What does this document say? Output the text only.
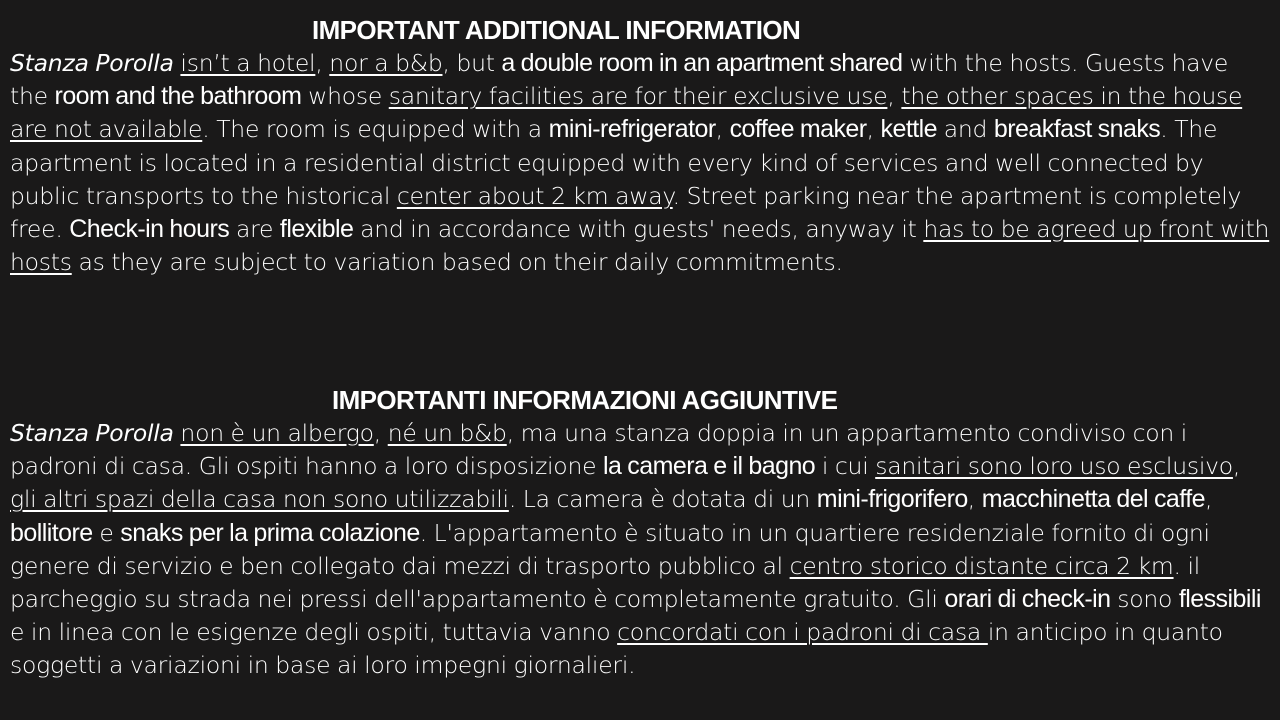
IMPORTANT ADDITIONAL INFORMATION

Stanza Porolla isn’t a hotel, nor a b&b, but a double room in an apartment shared with the hosts. Guests have the room and the bathroom whose sanitary facilities are for their exclusive use, the other spaces in the house are not available. The room is equipped with a mini-refrigerator, coffee maker, kettle and breakfast snaks. The apartment is located in a residential district equipped with every kind of services and well connected by public transports to the historical center about 2 km away. Street parking near the apartment is completely free. Check-in hours are flexible and in accordance with guests' needs, anyway it has to be agreed up front with hosts as they are subject to variation based on their daily commitments.

IMPORTANTI INFORMAZIONI AGGIUNTIVE

Stanza Porolla non è un albergo, né un b&b, ma una stanza doppia in un appartamento condiviso con i padroni di casa. Gli ospiti hanno a loro disposizione la camera e il bagno i cui sanitari sono loro uso esclusivo, gli altri spazi della casa non sono utilizzabili. La camera è dotata di un mini-frigorifero, macchinetta del caffe, bollitore e snaks per la prima colazione. L'appartamento è situato in un quartiere residenziale fornito di ogni genere di servizio e ben collegato dai mezzi di trasporto pubblico al centro storico distante circa 2 km. il parcheggio su strada nei pressi dell'appartamento è completamente gratuito. Gli orari di check-in sono flessibili e in linea con le esigenze degli ospiti, tuttavia vanno concordati con i padroni di casa in anticipo in quanto soggetti a variazioni in base ai loro impegni giornalieri.
